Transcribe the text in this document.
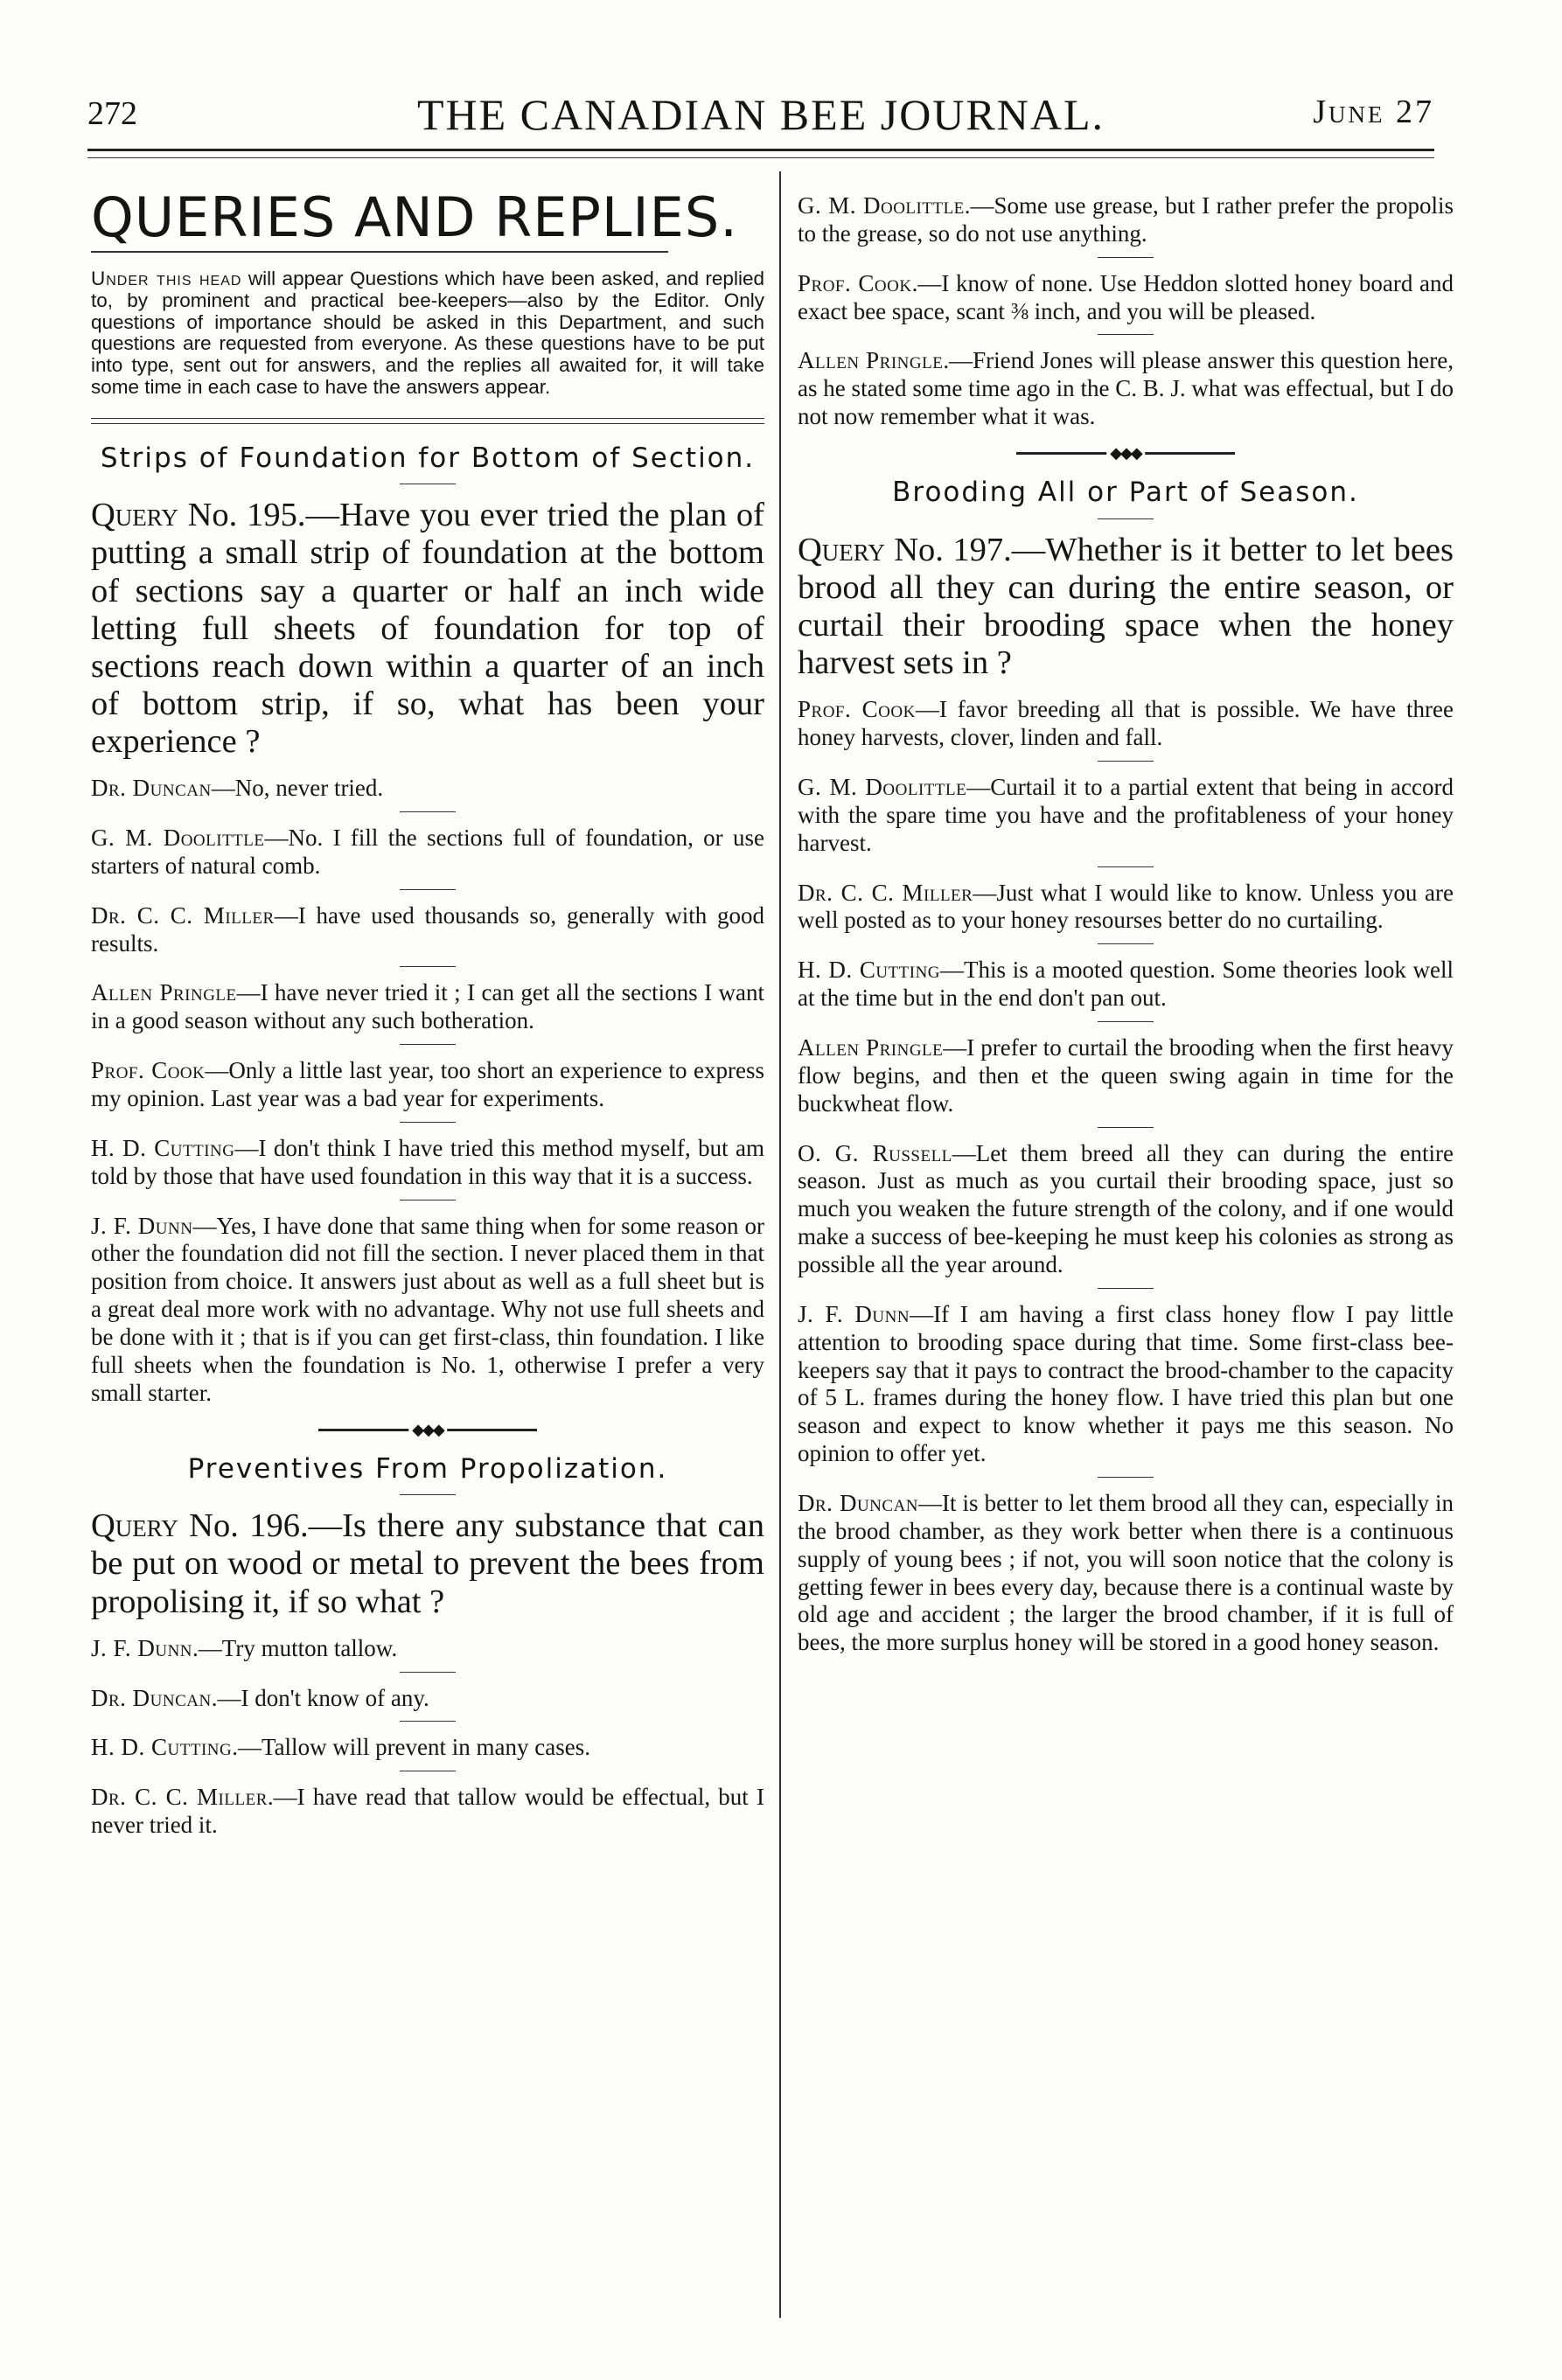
272	THE CANADIAN BEE JOURNAL.	June 27
QUERIES AND REPLIES.

Under this head will appear Questions which have been asked, and replied to, by prominent and practical bee-keepers—also by the Editor. Only questions of importance should be asked in this Department, and such questions are requested from everyone. As these questions have to be put into type, sent out for answers, and the replies all awaited for, it will take some time in each case to have the answers appear.

Strips of Foundation for Bottom of Section.

Query No. 195.—Have you ever tried the plan of putting a small strip of foundation at the bottom of sections say a quarter or half an inch wide letting full sheets of foundation for top of sections reach down within a quarter of an inch of bottom strip, if so, what has been your experience ?

Dr. Duncan—No, never tried.

G. M. Doolittle—No. I fill the sections full of foundation, or use starters of natural comb.

Dr. C. C. Miller—I have used thousands so, generally with good results.

Allen Pringle—I have never tried it ; I can get all the sections I want in a good season without any such botheration.

Prof. Cook—Only a little last year, too short an experience to express my opinion. Last year was a bad year for experiments.

H. D. Cutting—I don't think I have tried this method myself, but am told by those that have used foundation in this way that it is a success.

J. F. Dunn—Yes, I have done that same thing when for some reason or other the foundation did not fill the section. I never placed them in that position from choice. It answers just about as well as a full sheet but is a great deal more work with no advantage. Why not use full sheets and be done with it ; that is if you can get first-class, thin foundation. I like full sheets when the foundation is No. 1, otherwise I prefer a very small starter.

◆◆◆
Preventives From Propolization.

Query No. 196.—Is there any substance that can be put on wood or metal to prevent the bees from propolising it, if so what ?

J. F. Dunn.—Try mutton tallow.

Dr. Duncan.—I don't know of any.

H. D. Cutting.—Tallow will prevent in many cases.

Dr. C. C. Miller.—I have read that tallow would be effectual, but I never tried it.

G. M. Doolittle.—Some use grease, but I rather prefer the propolis to the grease, so do not use anything.

Prof. Cook.—I know of none. Use Heddon slotted honey board and exact bee space, scant ⅜ inch, and you will be pleased.

Allen Pringle.—Friend Jones will please answer this question here, as he stated some time ago in the C. B. J. what was effectual, but I do not now remember what it was.

◆◆◆
Brooding All or Part of Season.

Query No. 197.—Whether is it better to let bees brood all they can during the entire season, or curtail their brooding space when the honey harvest sets in ?

Prof. Cook—I favor breeding all that is possible. We have three honey harvests, clover, linden and fall.

G. M. Doolittle—Curtail it to a partial extent that being in accord with the spare time you have and the profitableness of your honey harvest.

Dr. C. C. Miller—Just what I would like to know. Unless you are well posted as to your honey resourses better do no curtailing.

H. D. Cutting—This is a mooted question. Some theories look well at the time but in the end don't pan out.

Allen Pringle—I prefer to curtail the brooding when the first heavy flow begins, and then et the queen swing again in time for the buckwheat flow.

O. G. Russell—Let them breed all they can during the entire season. Just as much as you curtail their brooding space, just so much you weaken the future strength of the colony, and if one would make a success of bee-keeping he must keep his colonies as strong as possible all the year around.

J. F. Dunn—If I am having a first class honey flow I pay little attention to brooding space during that time. Some first-class bee-keepers say that it pays to contract the brood-chamber to the capacity of 5 L. frames during the honey flow. I have tried this plan but one season and expect to know whether it pays me this season. No opinion to offer yet.

Dr. Duncan—It is better to let them brood all they can, especially in the brood chamber, as they work better when there is a continuous supply of young bees ; if not, you will soon notice that the colony is getting fewer in bees every day, because there is a continual waste by old age and accident ; the larger the brood chamber, if it is full of bees, the more surplus honey will be stored in a good honey season.
